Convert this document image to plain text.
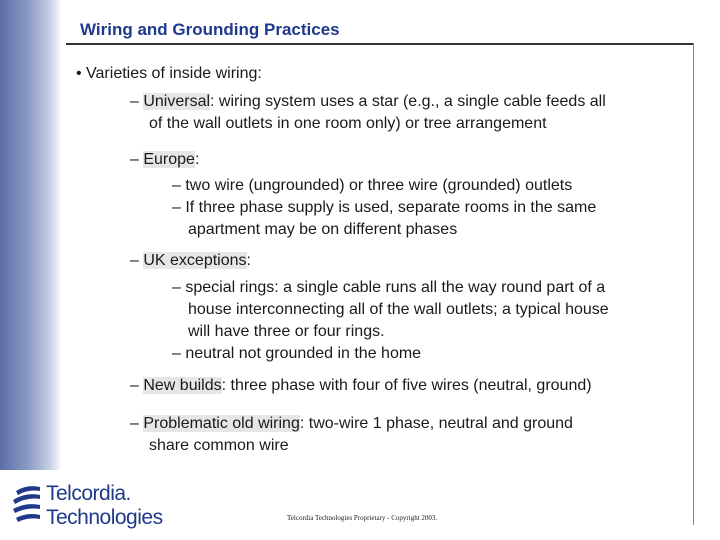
Wiring and Grounding Practices
• Varieties of inside wiring:
– Universal: wiring system uses a star (e.g., a single cable feeds all
of the wall outlets in one room only) or tree arrangement
– Europe:
– two wire (ungrounded) or three wire (grounded) outlets
– If three phase supply is used, separate rooms in the same
apartment may be on different phases
– UK exceptions:
– special rings: a single cable runs all the way round part of a
house interconnecting all of the wall outlets; a typical house
will have three or four rings.
– neutral not grounded in the home
– New builds: three phase with four of five wires (neutral, ground)
– Problematic old wiring: two-wire 1 phase, neutral and ground
share common wire
Telcordia.
Technologies	Telcordia Technologies Proprietary - Copyright 2003.
